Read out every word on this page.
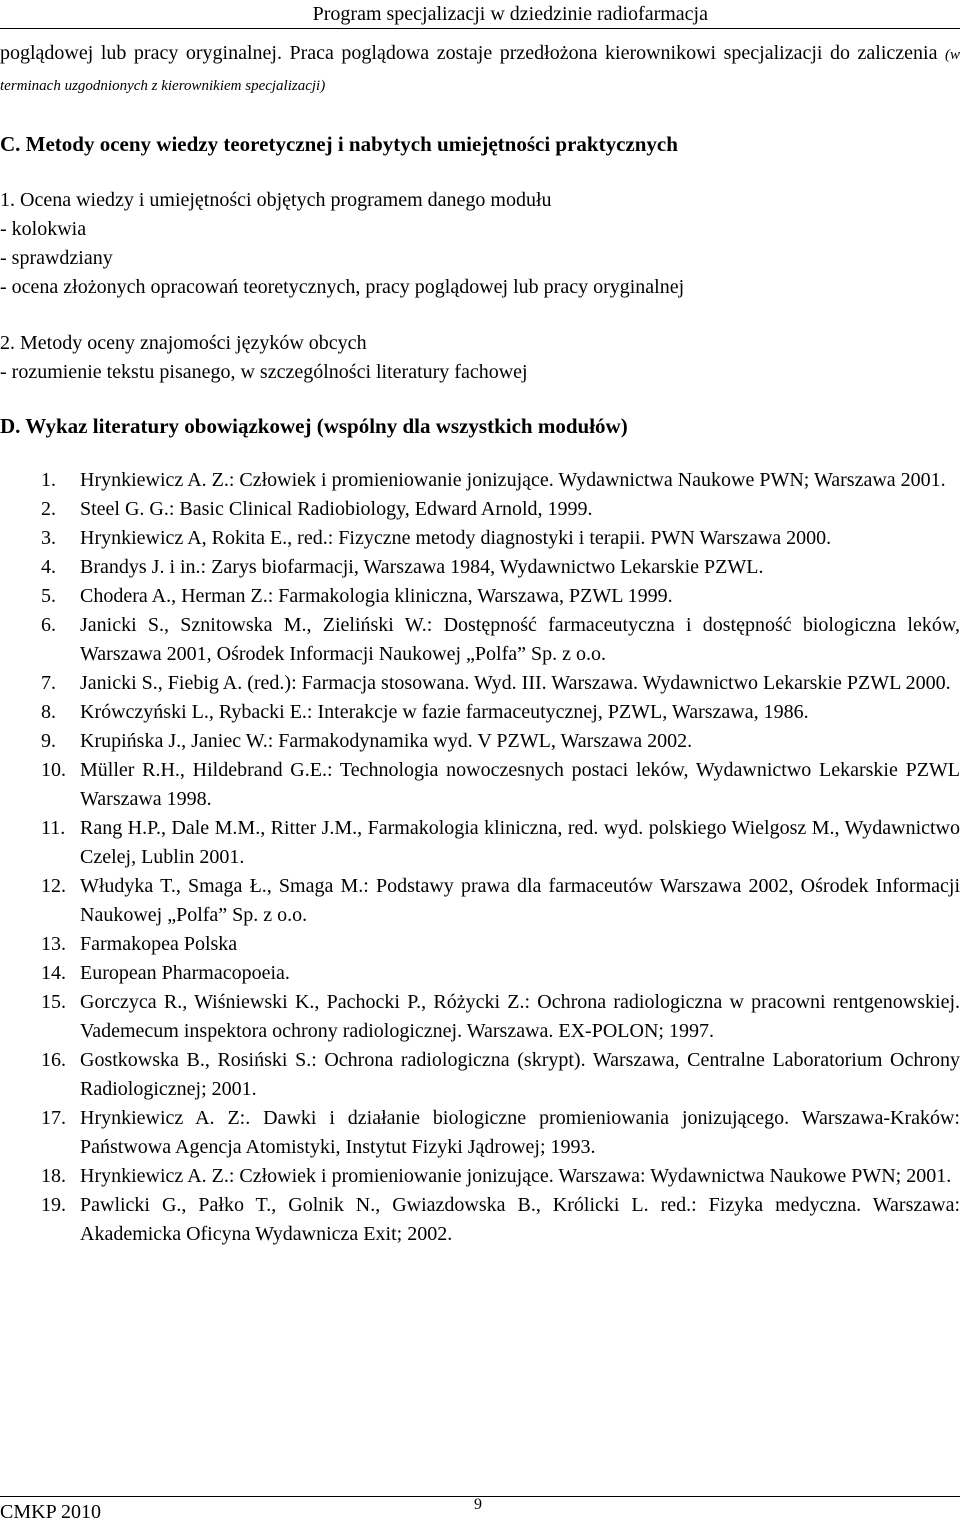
Program specjalizacji w dziedzinie radiofarmacja

poglądowej lub pracy oryginalnej. Praca poglądowa zostaje przedłożona kierownikowi specjalizacji do zaliczenia (w terminach uzgodnionych z kierownikiem specjalizacji)

C. Metody oceny wiedzy teoretycznej i nabytych umiejętności praktycznych

1. Ocena wiedzy i umiejętności objętych programem danego modułu

- kolokwia

- sprawdziany

- ocena złożonych opracowań teoretycznych, pracy poglądowej lub pracy oryginalnej

2. Metody oceny znajomości języków obcych

- rozumienie tekstu pisanego, w szczególności literatury fachowej

D. Wykaz literatury obowiązkowej (wspólny dla wszystkich modułów)
1. Hrynkiewicz A. Z.: Człowiek i promieniowanie jonizujące. Wydawnictwa Naukowe PWN; Warszawa 2001.
2. Steel G. G.: Basic Clinical Radiobiology, Edward Arnold, 1999.
3. Hrynkiewicz A, Rokita E., red.: Fizyczne metody diagnostyki i terapii. PWN Warszawa 2000.
4. Brandys J. i in.: Zarys biofarmacji, Warszawa 1984, Wydawnictwo Lekarskie PZWL.
5. Chodera A., Herman Z.: Farmakologia kliniczna, Warszawa, PZWL 1999.
6. Janicki S., Sznitowska M., Zieliński W.: Dostępność farmaceutyczna i dostępność biologiczna leków, Warszawa 2001, Ośrodek Informacji Naukowej „Polfa” Sp. z o.o.
7. Janicki S., Fiebig A. (red.): Farmacja stosowana. Wyd. III. Warszawa. Wydawnictwo Lekarskie PZWL 2000.
8. Krówczyński L., Rybacki E.: Interakcje w fazie farmaceutycznej, PZWL, Warszawa, 1986.
9. Krupińska J., Janiec W.: Farmakodynamika wyd. V PZWL, Warszawa 2002.
10. Müller R.H., Hildebrand G.E.: Technologia nowoczesnych postaci leków, Wydawnictwo Lekarskie PZWL Warszawa 1998.
11. Rang H.P., Dale M.M., Ritter J.M., Farmakologia kliniczna, red. wyd. polskiego Wielgosz M., Wydawnictwo Czelej, Lublin 2001.
12. Włudyka T., Smaga Ł., Smaga M.: Podstawy prawa dla farmaceutów Warszawa 2002, Ośrodek Informacji Naukowej „Polfa” Sp. z o.o.
13. Farmakopea Polska
14. European Pharmacopoeia.
15. Gorczyca R., Wiśniewski K., Pachocki P., Różycki Z.: Ochrona radiologiczna w pracowni rentgenowskiej. Vademecum inspektora ochrony radiologicznej. Warszawa. EX-POLON; 1997.
16. Gostkowska B., Rosiński S.: Ochrona radiologiczna (skrypt). Warszawa, Centralne Laboratorium Ochrony Radiologicznej; 2001.
17. Hrynkiewicz A. Z:. Dawki i działanie biologiczne promieniowania jonizującego. Warszawa-Kraków: Państwowa Agencja Atomistyki, Instytut Fizyki Jądrowej; 1993.
18. Hrynkiewicz A. Z.: Człowiek i promieniowanie jonizujące. Warszawa: Wydawnictwa Naukowe PWN; 2001.
19. Pawlicki G., Pałko T., Golnik N., Gwiazdowska B., Królicki L. red.: Fizyka medyczna. Warszawa: Akademicka Oficyna Wydawnicza Exit; 2002.
CMKP 2010	9
